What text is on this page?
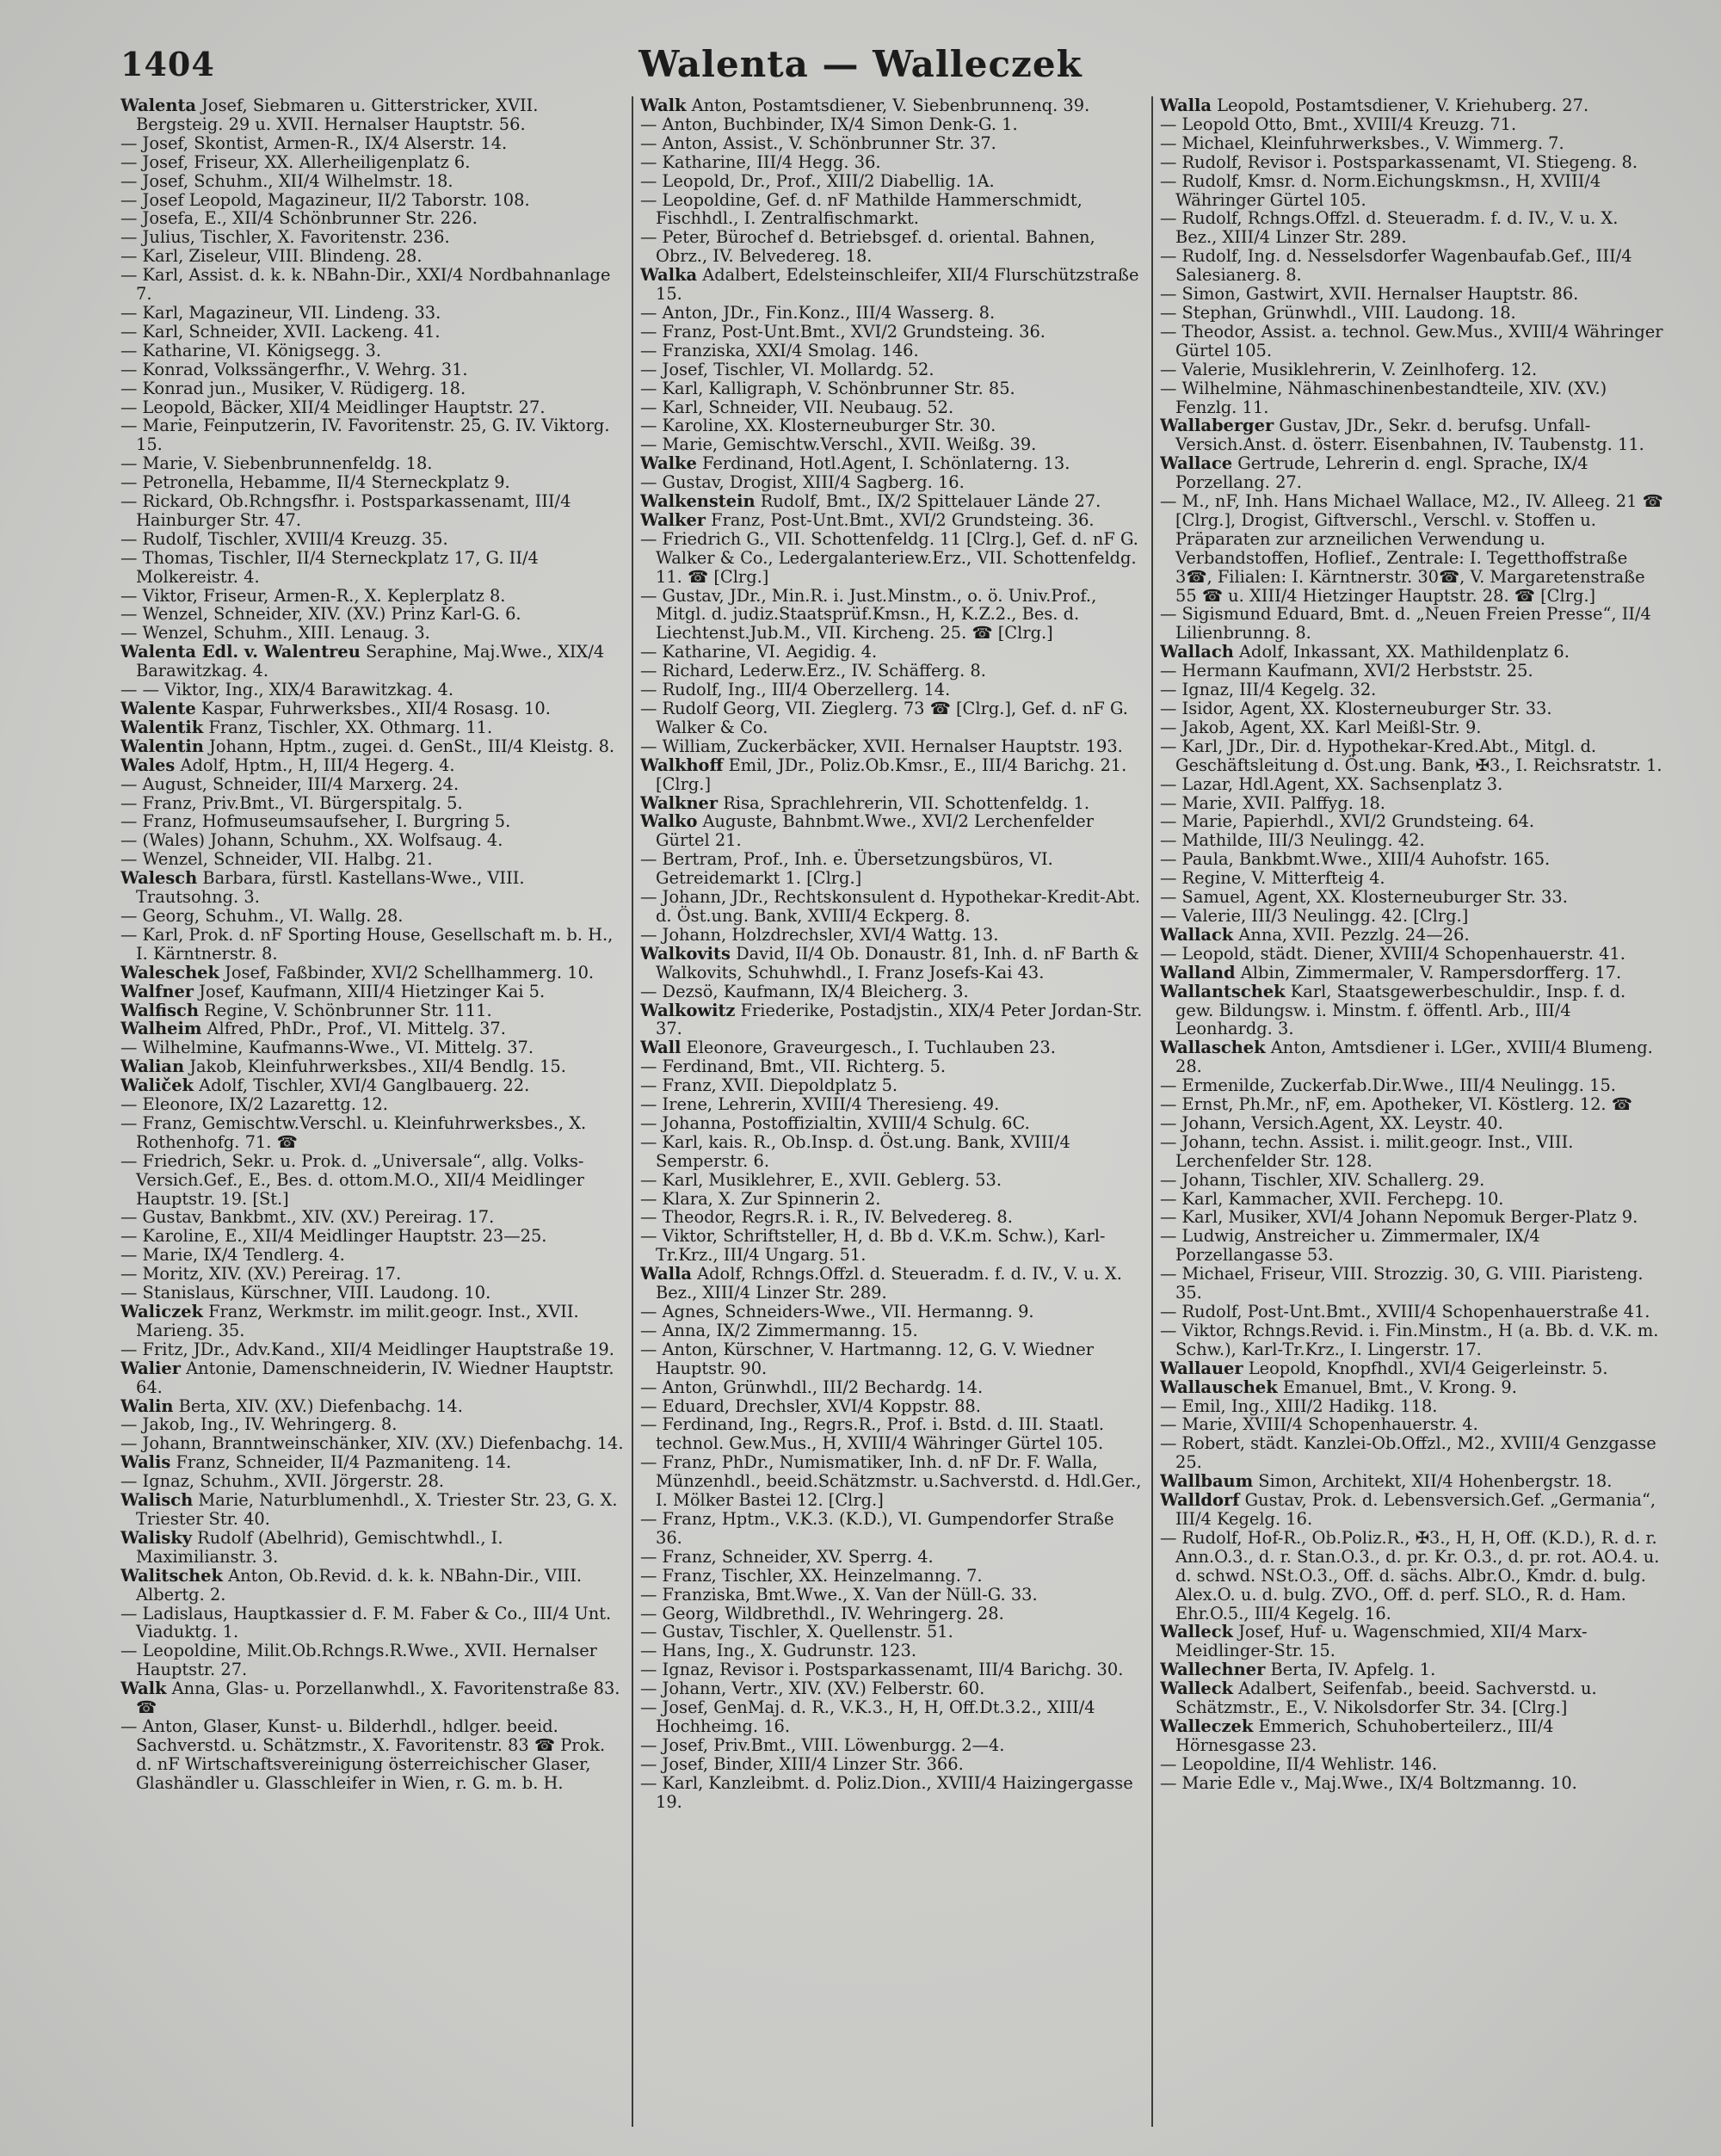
1404	Walenta — Walleczek

Walenta Josef, Siebmaren u. Gitterstricker, XVII. Bergsteig. 29 u. XVII. Hernalser Hauptstr. 56.

— Josef, Skontist, Armen-R., IX/4 Alserstr. 14.

— Josef, Friseur, XX. Allerheiligenplatz 6.

— Josef, Schuhm., XII/4 Wilhelmstr. 18.

— Josef Leopold, Magazineur, II/2 Taborstr. 108.

— Josefa, E., XII/4 Schönbrunner Str. 226.

— Julius, Tischler, X. Favoritenstr. 236.

— Karl, Ziseleur, VIII. Blindeng. 28.

— Karl, Assist. d. k. k. NBahn-Dir., XXI/4 Nordbahnanlage 7.

— Karl, Magazineur, VII. Lindeng. 33.

— Karl, Schneider, XVII. Lackeng. 41.

— Katharine, VI. Königsegg. 3.

— Konrad, Volkssängerfhr., V. Wehrg. 31.

— Konrad jun., Musiker, V. Rüdigerg. 18.

— Leopold, Bäcker, XII/4 Meidlinger Hauptstr. 27.

— Marie, Feinputzerin, IV. Favoritenstr. 25, G. IV. Viktorg. 15.

— Marie, V. Siebenbrunnenfeldg. 18.

— Petronella, Hebamme, II/4 Sterneckplatz 9.

— Rickard, Ob.Rchngsfhr. i. Postsparkassenamt, III/4 Hainburger Str. 47.

— Rudolf, Tischler, XVIII/4 Kreuzg. 35.

— Thomas, Tischler, II/4 Sterneckplatz 17, G. II/4 Molkereistr. 4.

— Viktor, Friseur, Armen-R., X. Keplerplatz 8.

— Wenzel, Schneider, XIV. (XV.) Prinz Karl-G. 6.

— Wenzel, Schuhm., XIII. Lenaug. 3.

Walenta Edl. v. Walentreu Seraphine, Maj.Wwe., XIX/4 Barawitzkag. 4.

— — Viktor, Ing., XIX/4 Barawitzkag. 4.

Walente Kaspar, Fuhrwerksbes., XII/4 Rosasg. 10.

Walentik Franz, Tischler, XX. Othmarg. 11.

Walentin Johann, Hptm., zugei. d. GenSt., III/4 Kleistg. 8.

Wales Adolf, Hptm., H, III/4 Hegerg. 4.

— August, Schneider, III/4 Marxerg. 24.

— Franz, Priv.Bmt., VI. Bürgerspitalg. 5.

— Franz, Hofmuseumsaufseher, I. Burgring 5.

— (Wales) Johann, Schuhm., XX. Wolfsaug. 4.

— Wenzel, Schneider, VII. Halbg. 21.

Walesch Barbara, fürstl. Kastellans-Wwe., VIII. Trautsohng. 3.

— Georg, Schuhm., VI. Wallg. 28.

— Karl, Prok. d. nF Sporting House, Gesellschaft m. b. H., I. Kärntnerstr. 8.

Waleschek Josef, Faßbinder, XVI/2 Schellhammerg. 10.

Walfner Josef, Kaufmann, XIII/4 Hietzinger Kai 5.

Walfisch Regine, V. Schönbrunner Str. 111.

Walheim Alfred, PhDr., Prof., VI. Mittelg. 37.

— Wilhelmine, Kaufmanns-Wwe., VI. Mittelg. 37.

Walian Jakob, Kleinfuhrwerksbes., XII/4 Bendlg. 15.

Waliček Adolf, Tischler, XVI/4 Ganglbauerg. 22.

— Eleonore, IX/2 Lazarettg. 12.

— Franz, Gemischtw.Verschl. u. Kleinfuhrwerksbes., X. Rothenhofg. 71. ☎

— Friedrich, Sekr. u. Prok. d. „Universale“, allg. Volks-Versich.Gef., E., Bes. d. ottom.M.O., XII/4 Meidlinger Hauptstr. 19. [St.]

— Gustav, Bankbmt., XIV. (XV.) Pereirag. 17.

— Karoline, E., XII/4 Meidlinger Hauptstr. 23—25.

— Marie, IX/4 Tendlerg. 4.

— Moritz, XIV. (XV.) Pereirag. 17.

— Stanislaus, Kürschner, VIII. Laudong. 10.

Waliczek Franz, Werkmstr. im milit.geogr. Inst., XVII. Marieng. 35.

— Fritz, JDr., Adv.Kand., XII/4 Meidlinger Hauptstraße 19.

Walier Antonie, Damenschneiderin, IV. Wiedner Hauptstr. 64.

Walin Berta, XIV. (XV.) Diefenbachg. 14.

— Jakob, Ing., IV. Wehringerg. 8.

— Johann, Branntweinschänker, XIV. (XV.) Diefenbachg. 14.

Walis Franz, Schneider, II/4 Pazmanitеng. 14.

— Ignaz, Schuhm., XVII. Jörgerstr. 28.

Walisch Marie, Naturblumenhdl., X. Triester Str. 23, G. X. Triester Str. 40.

Walisky Rudolf (Abelhrid), Gemischtwhdl., I. Maximilianstr. 3.

Walitschek Anton, Ob.Revid. d. k. k. NBahn-Dir., VIII. Albertg. 2.

— Ladislaus, Hauptkassier d. F. M. Faber & Co., III/4 Unt. Viaduktg. 1.

— Leopoldine, Milit.Ob.Rchngs.R.Wwe., XVII. Hernalser Hauptstr. 27.

Walk Anna, Glas- u. Porzellanwhdl., X. Favoritenstraße 83. ☎

— Anton, Glaser, Kunst- u. Bilderhdl., hdlger. beeid. Sachverstd. u. Schätzmstr., X. Favoritenstr. 83 ☎ Prok. d. nF Wirtschaftsvereinigung österreichischer Glaser, Glashändler u. Glasschleifer in Wien, r. G. m. b. H.

Walk Anton, Postamtsdiener, V. Siebenbrunnenq. 39.

— Anton, Buchbinder, IX/4 Simon Denk-G. 1.

— Anton, Assist., V. Schönbrunner Str. 37.

— Katharine, III/4 Hegg. 36.

— Leopold, Dr., Prof., XIII/2 Diabellig. 1A.

— Leopoldine, Gef. d. nF Mathilde Hammerschmidt, Fischhdl., I. Zentralfischmarkt.

— Peter, Bürochef d. Betriebsgef. d. oriental. Bahnen, Obrz., IV. Belvedereg. 18.

Walka Adalbert, Edelsteinschleifer, XII/4 Flurschützstraße 15.

— Anton, JDr., Fin.Konz., III/4 Wasserg. 8.

— Franz, Post-Unt.Bmt., XVI/2 Grundsteing. 36.

— Franziska, XXI/4 Smolag. 146.

— Josef, Tischler, VI. Mollardg. 52.

— Karl, Kalligraph, V. Schönbrunner Str. 85.

— Karl, Schneider, VII. Neubaug. 52.

— Karoline, XX. Klosterneuburger Str. 30.

— Marie, Gemischtw.Verschl., XVII. Weißg. 39.

Walke Ferdinand, Hotl.Agent, I. Schönlaterng. 13.

— Gustav, Drogist, XIII/4 Sagberg. 16.

Walkenstein Rudolf, Bmt., IX/2 Spittelauer Lände 27.

Walker Franz, Post-Unt.Bmt., XVI/2 Grundsteing. 36.

— Friedrich G., VII. Schottenfeldg. 11 [Clrg.], Gef. d. nF G. Walker & Co., Ledergalanteriew.Erz., VII. Schottenfeldg. 11. ☎ [Clrg.]

— Gustav, JDr., Min.R. i. Just.Minstm., o. ö. Univ.Prof., Mitgl. d. judiz.Staatsprüf.Kmsn., H, K.Z.2., Bes. d. Liechtenst.Jub.M., VII. Kircheng. 25. ☎ [Clrg.]

— Katharine, VI. Aegidig. 4.

— Richard, Lederw.Erz., IV. Schäfferg. 8.

— Rudolf, Ing., III/4 Oberzellerg. 14.

— Rudolf Georg, VII. Zieglerg. 73 ☎ [Clrg.], Gef. d. nF G. Walker & Co.

— William, Zuckerbäcker, XVII. Hernalser Hauptstr. 193.

Walkhoff Emil, JDr., Poliz.Ob.Kmsr., E., III/4 Barichg. 21. [Clrg.]

Walkner Risa, Sprachlehrerin, VII. Schottenfeldg. 1.

Walko Auguste, Bahnbmt.Wwe., XVI/2 Lerchenfelder Gürtel 21.

— Bertram, Prof., Inh. e. Übersetzungsbüros, VI. Getreidemarkt 1. [Clrg.]

— Johann, JDr., Rechtskonsulent d. Hypothekar-Kredit-Abt. d. Öst.ung. Bank, XVIII/4 Eckperg. 8.

— Johann, Holzdrechsler, XVI/4 Wattg. 13.

Walkovits David, II/4 Ob. Donaustr. 81, Inh. d. nF Barth & Walkovits, Schuhwhdl., I. Franz Josefs-Kai 43.

— Dezsö, Kaufmann, IX/4 Bleicherg. 3.

Walkowitz Friederike, Postadjstin., XIX/4 Peter Jordan-Str. 37.

Wall Eleonore, Graveurgesch., I. Tuchlauben 23.

— Ferdinand, Bmt., VII. Richterg. 5.

— Franz, XVII. Diepoldplatz 5.

— Irene, Lehrerin, XVIII/4 Theresieng. 49.

— Johanna, Postoffizialtin, XVIII/4 Schulg. 6C.

— Karl, kais. R., Ob.Insp. d. Öst.ung. Bank, XVIII/4 Semperstr. 6.

— Karl, Musiklehrer, E., XVII. Geblerg. 53.

— Klara, X. Zur Spinnerin 2.

— Theodor, Regrs.R. i. R., IV. Belvedereg. 8.

— Viktor, Schriftsteller, H, d. Bb d. V.K.m. Schw.), Karl-Tr.Krz., III/4 Ungarg. 51.

Walla Adolf, Rchngs.Offzl. d. Steueradm. f. d. IV., V. u. X. Bez., XIII/4 Linzer Str. 289.

— Agnes, Schneiders-Wwe., VII. Hermanng. 9.

— Anna, IX/2 Zimmermanng. 15.

— Anton, Kürschner, V. Hartmanng. 12, G. V. Wiedner Hauptstr. 90.

— Anton, Grünwhdl., III/2 Bechardg. 14.

— Eduard, Drechsler, XVI/4 Koppstr. 88.

— Ferdinand, Ing., Regrs.R., Prof. i. Bstd. d. III. Staatl. technol. Gew.Mus., H, XVIII/4 Währinger Gürtel 105.

— Franz, PhDr., Numismatiker, Inh. d. nF Dr. F. Walla, Münzenhdl., beeid.Schätzmstr. u.Sachverstd. d. Hdl.Ger., I. Mölker Bastei 12. [Clrg.]

— Franz, Hptm., V.K.3. (K.D.), VI. Gumpendorfer Straße 36.

— Franz, Schneider, XV. Sperrg. 4.

— Franz, Tischler, XX. Heinzelmanng. 7.

— Franziska, Bmt.Wwe., X. Van der Nüll-G. 33.

— Georg, Wildbrethdl., IV. Wehringerg. 28.

— Gustav, Tischler, X. Quellenstr. 51.

— Hans, Ing., X. Gudrunstr. 123.

— Ignaz, Revisor i. Postsparkassenamt, III/4 Barichg. 30.

— Johann, Vertr., XIV. (XV.) Felberstr. 60.

— Josef, GenMaj. d. R., V.K.3., H, H, Off.Dt.3.2., XIII/4 Hochheimg. 16.

— Josef, Priv.Bmt., VIII. Löwenburgg. 2—4.

— Josef, Binder, XIII/4 Linzer Str. 366.

— Karl, Kanzleibmt. d. Poliz.Dion., XVIII/4 Haizingergasse 19.

Walla Leopold, Postamtsdiener, V. Kriehuberg. 27.

— Leopold Otto, Bmt., XVIII/4 Kreuzg. 71.

— Michael, Kleinfuhrwerksbes., V. Wimmerg. 7.

— Rudolf, Revisor i. Postsparkassenamt, VI. Stiegeng. 8.

— Rudolf, Kmsr. d. Norm.Eichungskmsn., H, XVIII/4 Währinger Gürtel 105.

— Rudolf, Rchngs.Offzl. d. Steueradm. f. d. IV., V. u. X. Bez., XIII/4 Linzer Str. 289.

— Rudolf, Ing. d. Nesselsdorfer Wagenbaufab.Gef., III/4 Salesianerg. 8.

— Simon, Gastwirt, XVII. Hernalser Hauptstr. 86.

— Stephan, Grünwhdl., VIII. Laudong. 18.

— Theodor, Assist. a. technol. Gew.Mus., XVIII/4 Währinger Gürtel 105.

— Valerie, Musiklehrerin, V. Zeinlhoferg. 12.

— Wilhelmine, Nähmaschinenbestandteile, XIV. (XV.) Fenzlg. 11.

Wallaberger Gustav, JDr., Sekr. d. berufsg. Unfall-Versich.Anst. d. österr. Eisenbahnen, IV. Taubenstg. 11.

Wallace Gertrude, Lehrerin d. engl. Sprache, IX/4 Porzellang. 27.

— M., nF, Inh. Hans Michael Wallace, M2., IV. Alleeg. 21 ☎ [Clrg.], Drogist, Giftverschl., Verschl. v. Stoffen u. Präparaten zur arzneilichen Verwendung u. Verbandstoffen, Hoflief., Zentrale: I. Tegetthoffstraße 3☎, Filialen: I. Kärntnerstr. 30☎, V. Margaretenstraße 55 ☎ u. XIII/4 Hietzinger Hauptstr. 28. ☎ [Clrg.]

— Sigismund Eduard, Bmt. d. „Neuen Freien Presse“, II/4 Lilienbrunng. 8.

Wallach Adolf, Inkassant, XX. Mathildenplatz 6.

— Hermann Kaufmann, XVI/2 Herbststr. 25.

— Ignaz, III/4 Kegelg. 32.

— Isidor, Agent, XX. Klosterneuburger Str. 33.

— Jakob, Agent, XX. Karl Meißl-Str. 9.

— Karl, JDr., Dir. d. Hypothekar-Kred.Abt., Mitgl. d. Geschäftsleitung d. Öst.ung. Bank, ✠3., I. Reichsratstr. 1.

— Lazar, Hdl.Agent, XX. Sachsenplatz 3.

— Marie, XVII. Palffyg. 18.

— Marie, Papierhdl., XVI/2 Grundsteing. 64.

— Mathilde, III/3 Neulingg. 42.

— Paula, Bankbmt.Wwe., XIII/4 Auhofstr. 165.

— Regine, V. Mitterfteig 4.

— Samuel, Agent, XX. Klosterneuburger Str. 33.

— Valerie, III/3 Neulingg. 42. [Clrg.]

Wallack Anna, XVII. Pezzlg. 24—26.

— Leopold, städt. Diener, XVIII/4 Schopenhauerstr. 41.

Walland Albin, Zimmermaler, V. Rampersdorfferg. 17.

Wallantschek Karl, Staatsgewerbeschuldir., Insp. f. d. gew. Bildungsw. i. Minstm. f. öffentl. Arb., III/4 Leonhardg. 3.

Wallaschek Anton, Amtsdiener i. LGer., XVIII/4 Blumeng. 28.

— Ermenilde, Zuckerfab.Dir.Wwe., III/4 Neulingg. 15.

— Ernst, Ph.Mr., nF, em. Apotheker, VI. Köstlerg. 12. ☎

— Johann, Versich.Agent, XX. Leystr. 40.

— Johann, techn. Assist. i. milit.geogr. Inst., VIII. Lerchenfelder Str. 128.

— Johann, Tischler, XIV. Schallerg. 29.

— Karl, Kammacher, XVII. Ferchерg. 10.

— Karl, Musiker, XVI/4 Johann Nepomuk Berger-Platz 9.

— Ludwig, Anstreicher u. Zimmermaler, IX/4 Porzellangasse 53.

— Michael, Friseur, VIII. Strozzig. 30, G. VIII. Piaristeng. 35.

— Rudolf, Post-Unt.Bmt., XVIII/4 Schopenhauerstraße 41.

— Viktor, Rchngs.Revid. i. Fin.Minstm., H (a. Bb. d. V.K. m. Schw.), Karl-Tr.Krz., I. Lingerstr. 17.

Wallauer Leopold, Knopfhdl., XVI/4 Geigerleinstr. 5.

Wallauschek Emanuel, Bmt., V. Krong. 9.

— Emil, Ing., XIII/2 Hadikg. 118.

— Marie, XVIII/4 Schopenhauerstr. 4.

— Robert, städt. Kanzlei-Ob.Offzl., M2., XVIII/4 Genzgasse 25.

Wallbaum Simon, Architekt, XII/4 Hohenbergstr. 18.

Walldorf Gustav, Prok. d. Lebensversich.Gef. „Germania“, III/4 Kegelg. 16.

— Rudolf, Hof-R., Ob.Poliz.R., ✠3., H, H, Off. (K.D.), R. d. r. Ann.O.3., d. r. Stan.O.3., d. pr. Kr. O.3., d. pr. rot. AO.4. u. d. schwd. NSt.O.3., Off. d. sächs. Albr.O., Kmdr. d. bulg. Alex.O. u. d. bulg. ZVO., Off. d. perf. SLO., R. d. Ham. Ehr.O.5., III/4 Kegelg. 16.

Walleck Josef, Huf- u. Wagenschmied, XII/4 Marx-Meidlinger-Str. 15.

Wallechner Berta, IV. Apfelg. 1.

Walleck Adalbert, Seifenfab., beeid. Sachverstd. u. Schätzmstr., E., V. Nikolsdorfer Str. 34. [Clrg.]

Walleczek Emmerich, Schuhoberteilerz., III/4 Hörnesgasse 23.

— Leopoldine, II/4 Wehlistr. 146.

— Marie Edle v., Maj.Wwe., IX/4 Boltzmanng. 10.
